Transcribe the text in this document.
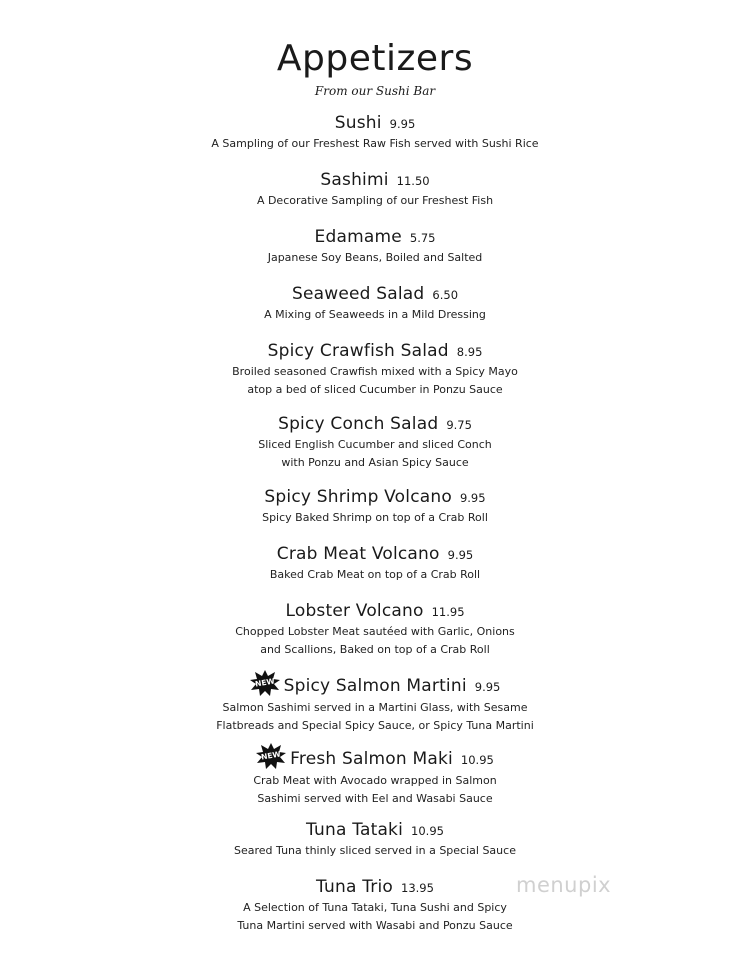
Appetizers
From our Sushi Bar
Sushi 9.95
A Sampling of our Freshest Raw Fish served with Sushi Rice
Sashimi 11.50
A Decorative Sampling of our Freshest Fish
Edamame 5.75
Japanese Soy Beans, Boiled and Salted
Seaweed Salad 6.50
A Mixing of Seaweeds in a Mild Dressing
Spicy Crawfish Salad 8.95
Broiled seasoned Crawfish mixed with a Spicy Mayo
atop a bed of sliced Cucumber in Ponzu Sauce
Spicy Conch Salad 9.75
Sliced English Cucumber and sliced Conch
with Ponzu and Asian Spicy Sauce
Spicy Shrimp Volcano 9.95
Spicy Baked Shrimp on top of a Crab Roll
Crab Meat Volcano 9.95
Baked Crab Meat on top of a Crab Roll
Lobster Volcano 11.95
Chopped Lobster Meat sautéed with Garlic, Onions
and Scallions, Baked on top of a Crab Roll
NEW Spicy Salmon Martini 9.95
Salmon Sashimi served in a Martini Glass, with Sesame
Flatbreads and Special Spicy Sauce, or Spicy Tuna Martini
NEW Fresh Salmon Maki 10.95
Crab Meat with Avocado wrapped in Salmon
Sashimi served with Eel and Wasabi Sauce
Tuna Tataki 10.95
Seared Tuna thinly sliced served in a Special Sauce
Tuna Trio 13.95
A Selection of Tuna Tataki, Tuna Sushi and Spicy
Tuna Martini served with Wasabi and Ponzu Sauce
menupix
